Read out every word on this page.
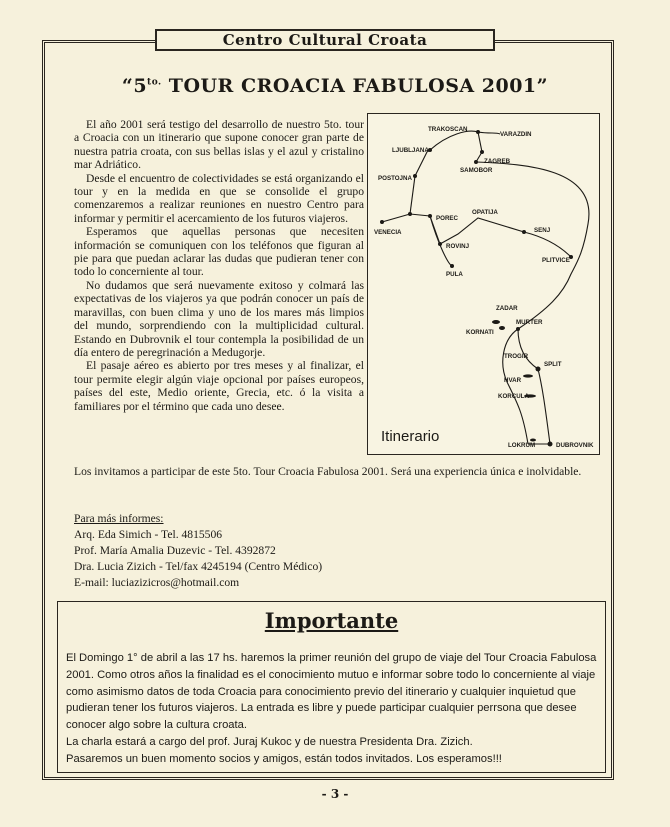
Centro Cultural Croata
“$5^{to.}$ TOUR CROACIA FABULOSA 2001”

El año 2001 será testigo del desarrollo de nuestro 5to. tour a Croacia con un itinerario que supone conocer gran parte de nuestra patria croata, con sus bellas islas y el azul y cristalino mar Adriático.

Desde el encuentro de colectividades se está organizando el tour y en la medida en que se consolide el grupo comenzaremos a realizar reuniones en nuestro Centro para informar y permitir el acercamiento de los futuros viajeros.

Esperamos que aquellas personas que necesiten información se comuniquen con los teléfonos que figuran al pie para que puedan aclarar las dudas que pudieran tener con todo lo concerniente al tour.

No dudamos que será nuevamente exitoso y colmará las expectativas de los viajeros ya que podrán conocer un país de maravillas, con buen clima y uno de los mares más limpios del mundo, sorprendiendo con la multiplicidad cultural. Estando en Dubrovnik el tour contempla la posibilidad de un día entero de peregrinación a Medugorje.

El pasaje aéreo es abierto por tres meses y al finalizar, el tour permite elegir algún viaje opcional por países europeos, países del este, Medio oriente, Grecia, etc. ó la visita a familiares por el término que cada uno desee.

TRAKOSCAN
VARAZDIN
LJUBLJANA
ZAGREB
SAMOBOR
POSTOJNA
OPATIJA
POREC
SENJ
VENECIA
ROVINJ
PLITVICE
PULA
ZADAR
MURTER
KORNATI
TROGIR
SPLIT
HVAR
KORCULA
LOKRUM	DUBROVNIK
Itinerario
Los invitamos a participar de este 5to. Tour Croacia Fabulosa 2001. Será una experiencia única e inolvidable.
Para más informes:
Arq. Eda Simich - Tel. 4815506
Prof. María Amalia Duzevic - Tel. 4392872
Dra. Lucia Zizich - Tel/fax 4245194 (Centro Médico)
E-mail: luciazizicros@hotmail.com
Importante

El Domingo 1° de abril a las 17 hs. haremos la primer reunión del grupo de viaje del Tour Croacia Fabulosa 2001. Como otros años la finalidad es el conocimiento mutuo e informar sobre todo lo concerniente al viaje como asimismo datos de toda Croacia para conocimiento previo del itinerario y cualquier inquietud que pudieran tener los futuros viajeros. La entrada es libre y puede participar cualquier perrsona que desee conocer algo sobre la cultura croata.

La charla estará a cargo del prof. Juraj Kukoc y de nuestra Presidenta Dra. Zizich.

Pasaremos un buen momento socios y amigos, están todos invitados. Los esperamos!!!

- 3 -
